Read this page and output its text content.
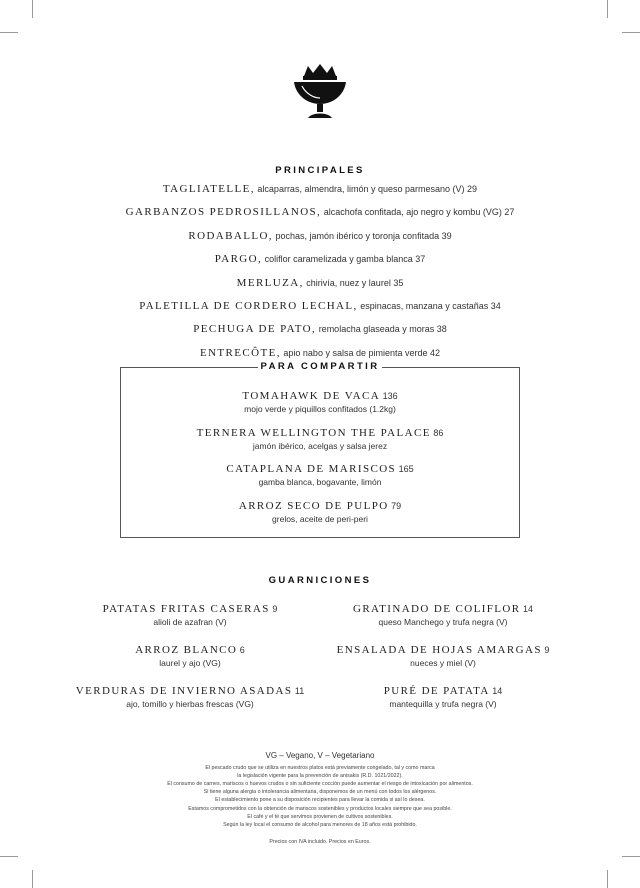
PRINCIPALES
PARA COMPARTIR
GUARNICIONES
VG – Vegano, V – Vegetariano
Precios con IVA incluido. Precios en Euros.
TAGLIATELLE, alcaparras, almendra, limón y queso parmesano (V) 29
GARBANZOS PEDROSILLANOS, alcachofa confitada, ajo negro y kombu (VG) 27
RODABALLO, pochas, jamón ibérico y toronja confitada 39
PARGO, coliflor caramelizada y gamba blanca 37
MERLUZA, chirivía, nuez y laurel 35
PALETILLA DE CORDERO LECHAL, espinacas, manzana y castañas 34
PECHUGA DE PATO, remolacha glaseada y moras 38
ENTRECÔTE, apio nabo y salsa de pimienta verde 42
TOMAHAWK DE VACA 136
mojo verde y piquillos confitados (1.2kg)
TERNERA WELLINGTON THE PALACE 86
jamón ibérico, acelgas y salsa jerez
CATAPLANA DE MARISCOS 165
gamba blanca, bogavante, limón
ARROZ SECO DE PULPO 79
grelos, aceite de peri-peri
PATATAS FRITAS CASERAS 9
alioli de azafran (V)
ARROZ BLANCO 6
laurel y ajo (VG)
VERDURAS DE INVIERNO ASADAS 11
ajo, tomillo y hierbas frescas (VG)
GRATINADO DE COLIFLOR 14
queso Manchego y trufa negra (V)
ENSALADA DE HOJAS AMARGAS 9
nueces y miel (V)
PURÉ DE PATATA 14
mantequilla y trufa negra (V)
El pescado crudo que se utiliza en nuestros platos está previamente congelado, tal y como marca
la legislación vigente para la prevención de anisakis (R.D. 1021/2022).
El consumo de carnes, mariscos o huevos crudos o sin suficiente cocción puede aumentar el riesgo de intoxicación por alimentos.
Si tiene alguna alergia o intolerancia alimentaria, disponemos de un menú con todos los alérgenos.
El establecimiento pone a su disposición recipientes para llevar la comida si así lo desea.
Estamos comprometidos con la obtención de mariscos sostenibles y productos locales siempre que sea posible.
El café y el té que servimos provienen de cultivos sostenibles.
Según la ley local el consumo de alcohol para menores de 18 años está prohibido.
